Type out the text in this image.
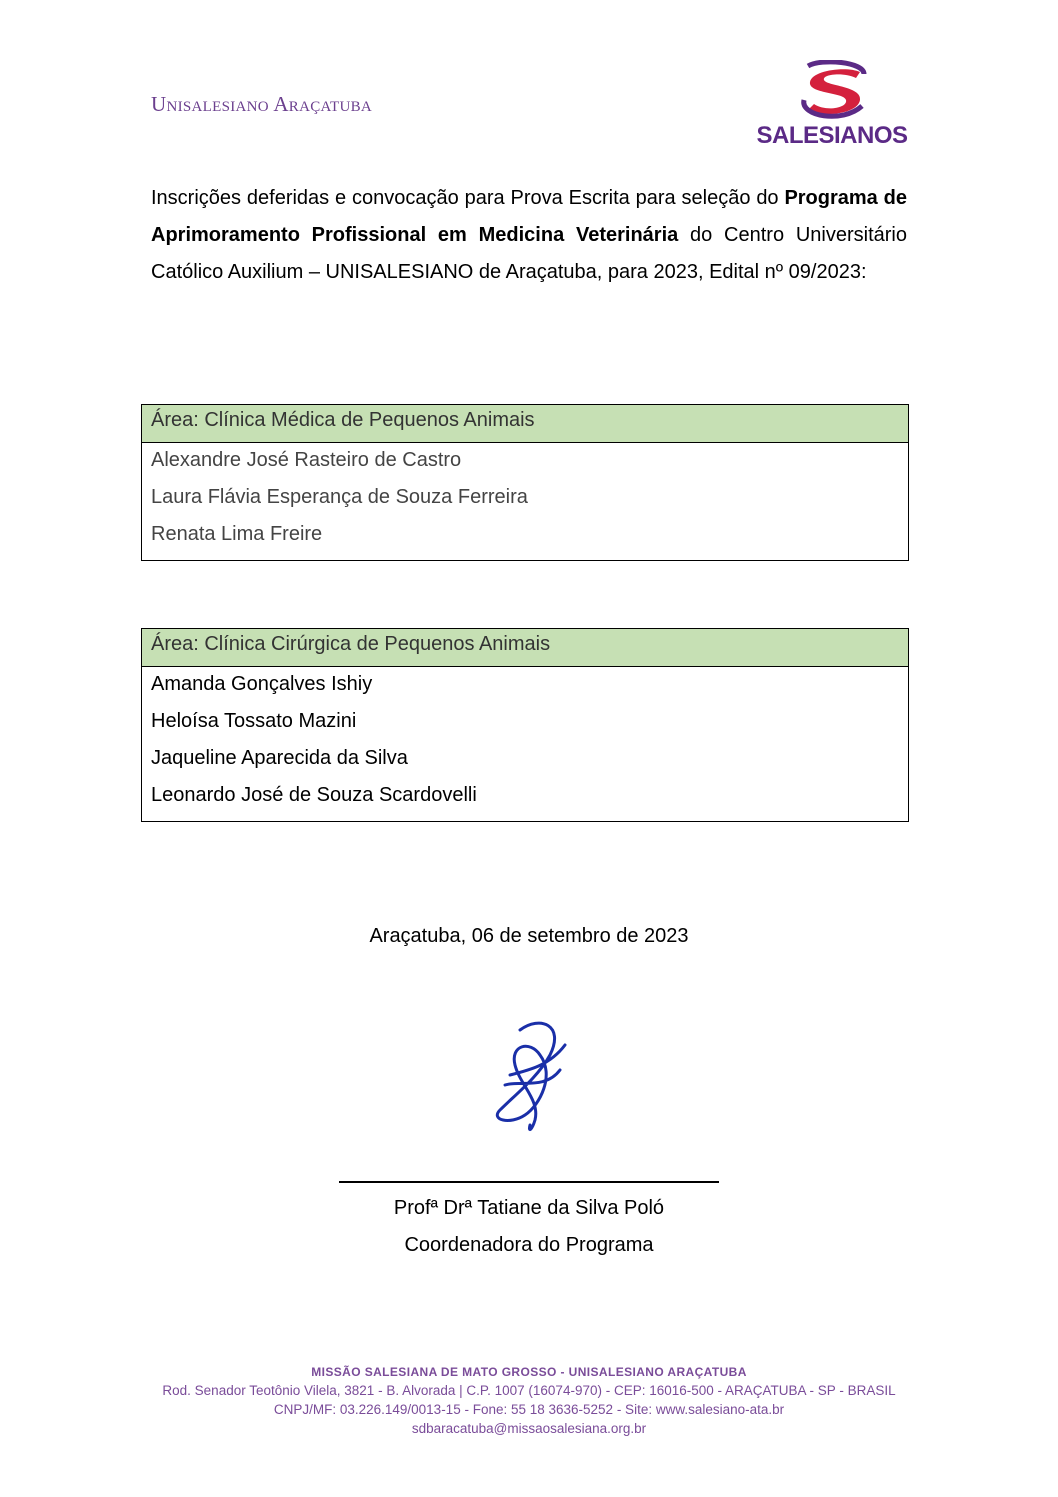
Unisalesiano Araçatuba
SALESIANOS
Inscrições deferidas e convocação para Prova Escrita para seleção do Programa de Aprimoramento Profissional em Medicina Veterinária do Centro Universitário Católico Auxilium – UNISALESIANO de Araçatuba, para 2023, Edital nº 09/2023:
Área: Clínica Médica de Pequenos Animais
Alexandre José Rasteiro de Castro
Laura Flávia Esperança de Souza Ferreira
Renata Lima Freire
Área: Clínica Cirúrgica de Pequenos Animais
Amanda Gonçalves Ishiy
Heloísa Tossato Mazini
Jaqueline Aparecida da Silva
Leonardo José de Souza Scardovelli
Araçatuba, 06 de setembro de 2023
Profª Drª Tatiane da Silva Poló
Coordenadora do Programa
MISSÃO SALESIANA DE MATO GROSSO - UNISALESIANO ARAÇATUBA
Rod. Senador Teotônio Vilela, 3821 - B. Alvorada | C.P. 1007 (16074-970) - CEP: 16016-500 - ARAÇATUBA - SP - BRASIL
CNPJ/MF: 03.226.149/0013-15 - Fone: 55 18 3636-5252 - Site: www.salesiano-ata.br
sdbaracatuba@missaosalesiana.org.br
